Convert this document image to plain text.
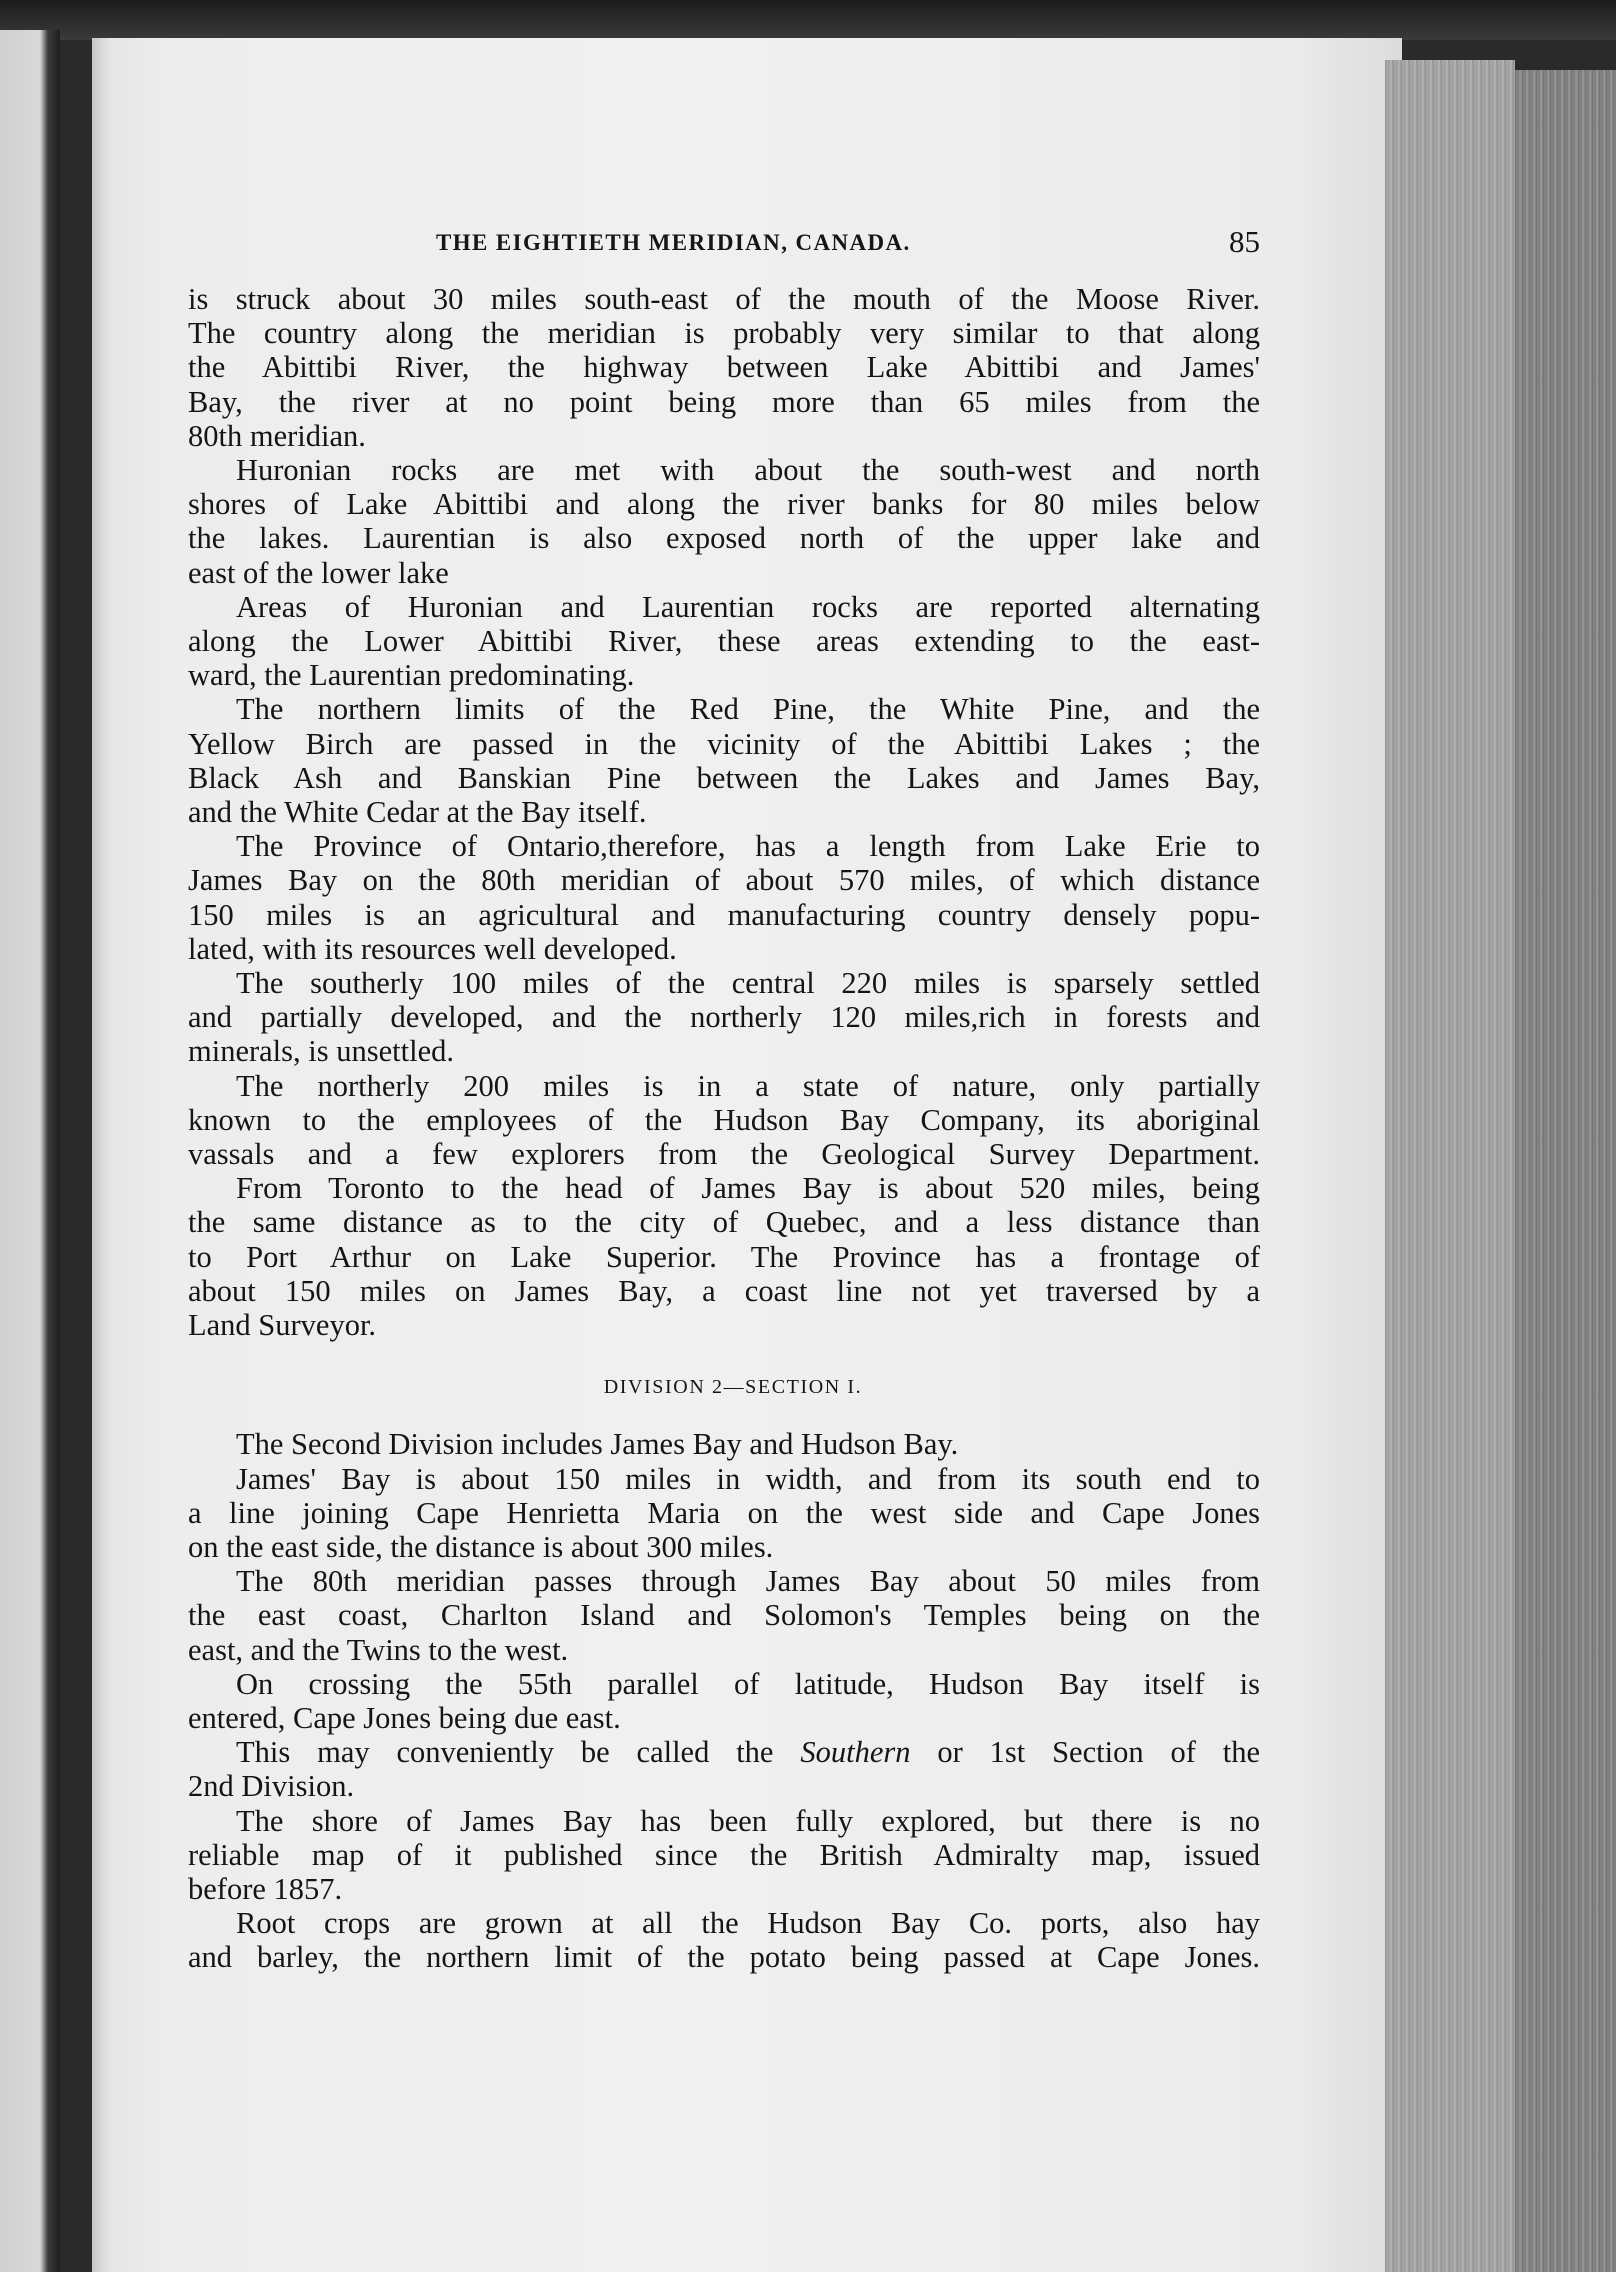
THE EIGHTIETH MERIDIAN, CANADA.	85
is struck about 30 miles south-east of the mouth of the Moose River.
The country along the meridian is probably very similar to that along
the Abittibi River, the highway between Lake Abittibi and James'
Bay, the river at no point being more than 65 miles from the
80th meridian.
Huronian rocks are met with about the south-west and north
shores of Lake Abittibi and along the river banks for 80 miles below
the lakes. Laurentian is also exposed north of the upper lake and
east of the lower lake
Areas of Huronian and Laurentian rocks are reported alternating
along the Lower Abittibi River, these areas extending to the east-
ward, the Laurentian predominating.
The northern limits of the Red Pine, the White Pine, and the
Yellow Birch are passed in the vicinity of the Abittibi Lakes ; the
Black Ash and Banskian Pine between the Lakes and James Bay,
and the White Cedar at the Bay itself.
The Province of Ontario,therefore, has a length from Lake Erie to
James Bay on the 80th meridian of about 570 miles, of which distance
150 miles is an agricultural and manufacturing country densely popu-
lated, with its resources well developed.
The southerly 100 miles of the central 220 miles is sparsely settled
and partially developed, and the northerly 120 miles,rich in forests and
minerals, is unsettled.
The northerly 200 miles is in a state of nature, only partially
known to the employees of the Hudson Bay Company, its aboriginal
vassals and a few explorers from the Geological Survey Department.
From Toronto to the head of James Bay is about 520 miles, being
the same distance as to the city of Quebec, and a less distance than
to Port Arthur on Lake Superior. The Province has a frontage of
about 150 miles on James Bay, a coast line not yet traversed by a
Land Surveyor.
DIVISION 2—SECTION I.
The Second Division includes James Bay and Hudson Bay.
James' Bay is about 150 miles in width, and from its south end to
a line joining Cape Henrietta Maria on the west side and Cape Jones
on the east side, the distance is about 300 miles.
The 80th meridian passes through James Bay about 50 miles from
the east coast, Charlton Island and Solomon's Temples being on the
east, and the Twins to the west.
On crossing the 55th parallel of latitude, Hudson Bay itself is
entered, Cape Jones being due east.
This may conveniently be called the Southern or 1st Section of the
2nd Division.
The shore of James Bay has been fully explored, but there is no
reliable map of it published since the British Admiralty map, issued
before 1857.
Root crops are grown at all the Hudson Bay Co. ports, also hay
and barley, the northern limit of the potato being passed at Cape Jones.
